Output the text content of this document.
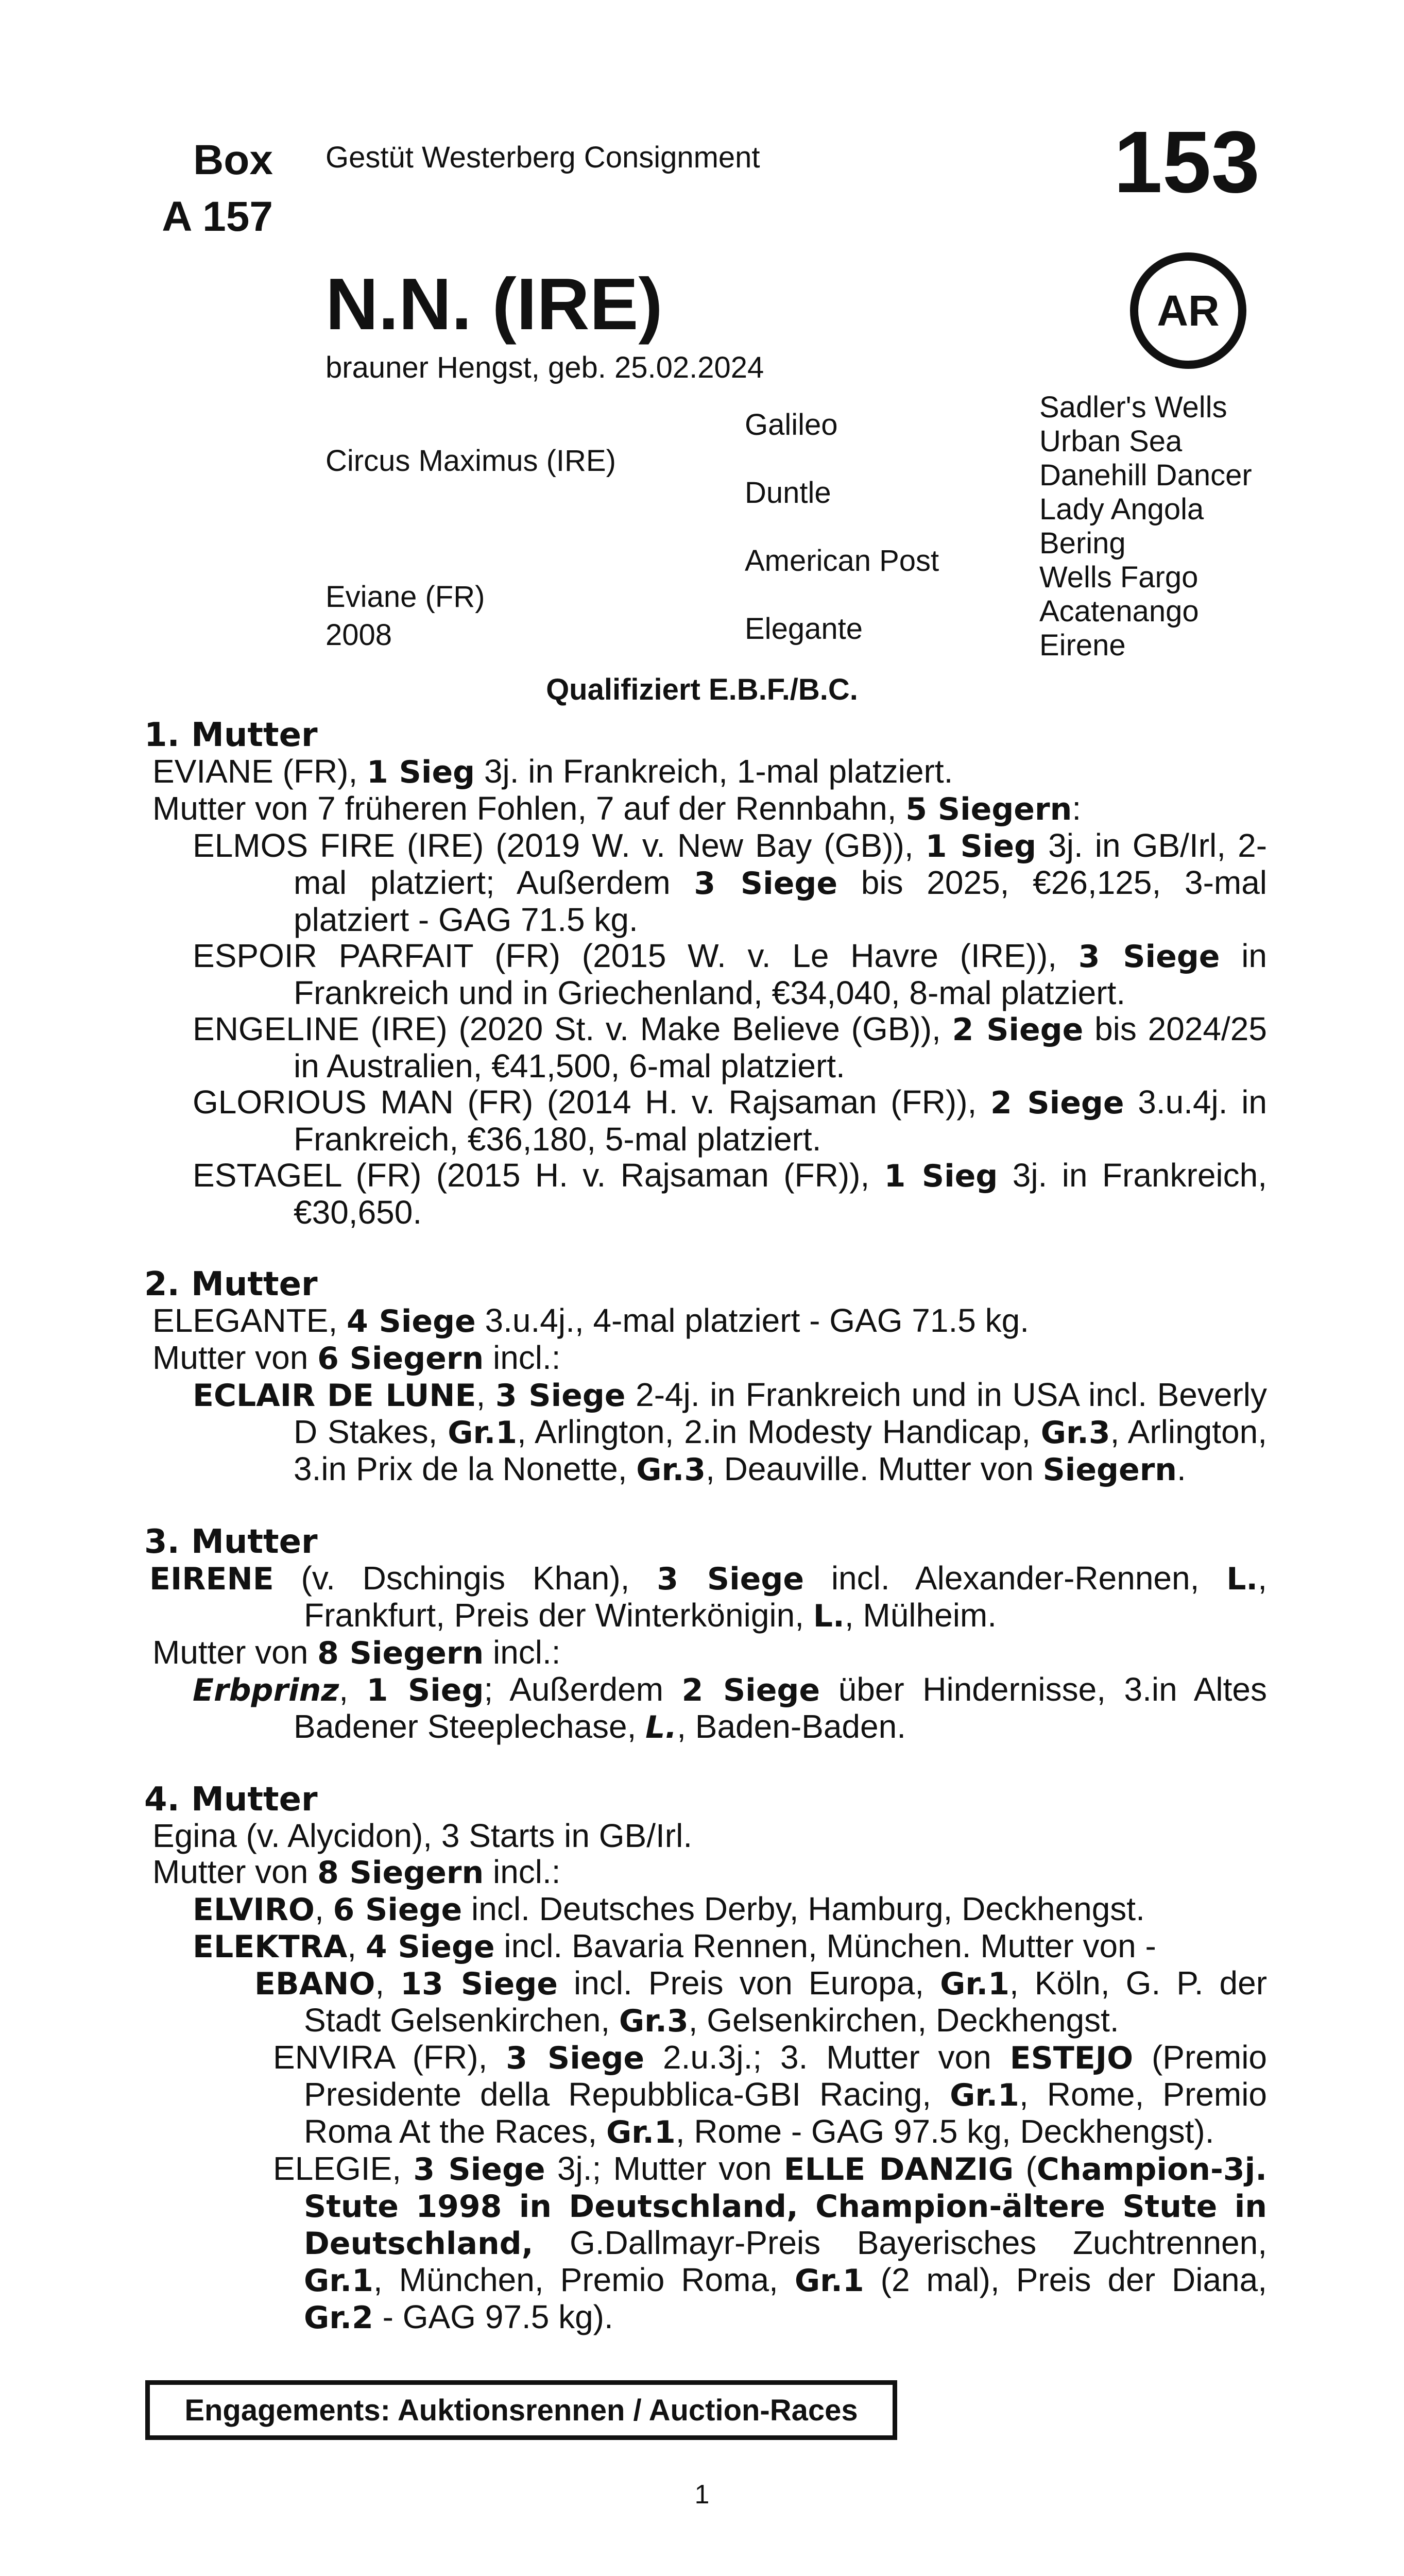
Box
A 157
Gestüt Westerberg Consignment	153
AR
N.N. (IRE)
brauner Hengst, geb. 25.02.2024
Circus Maximus (IRE)
Eviane (FR)
2008
Galileo
Duntle
American Post
Elegante
Sadler's Wells
Urban Sea
Danehill Dancer
Lady Angola
Bering
Wells Fargo
Acatenango
Eirene
Qualifiziert E.B.F./B.C.
1. Mutter

EVIANE (FR), 1 Sieg 3j. in Frankreich, 1-mal platziert.

Mutter von 7 früheren Fohlen, 7 auf der Rennbahn, 5 Siegern:

ELMOS FIRE (IRE) (2019 W. v. New Bay (GB)), 1 Sieg 3j. in GB/Irl, 2-mal platziert; Außerdem 3 Siege bis 2025, €26,125, 3-mal platziert - GAG 71.5 kg.

ESPOIR PARFAIT (FR) (2015 W. v. Le Havre (IRE)), 3 Siege in Frankreich und in Griechenland, €34,040, 8-mal platziert.

ENGELINE (IRE) (2020 St. v. Make Believe (GB)), 2 Siege bis 2024/25 in Australien, €41,500, 6-mal platziert.

GLORIOUS MAN (FR) (2014 H. v. Rajsaman (FR)), 2 Siege 3.u.4j. in Frankreich, €36,180, 5-mal platziert.

ESTAGEL (FR) (2015 H. v. Rajsaman (FR)), 1 Sieg 3j. in Frankreich, €30,650.

2. Mutter

ELEGANTE, 4 Siege 3.u.4j., 4-mal platziert - GAG 71.5 kg.

Mutter von 6 Siegern incl.:

ECLAIR DE LUNE, 3 Siege 2-4j. in Frankreich und in USA incl. Beverly D Stakes, Gr.1, Arlington, 2.in Modesty Handicap, Gr.3, Arlington, 3.in Prix de la Nonette, Gr.3, Deauville. Mutter von Siegern.

3. Mutter

EIRENE (v. Dschingis Khan), 3 Siege incl. Alexander-Rennen, L., Frankfurt, Preis der Winterkönigin, L., Mülheim.

Mutter von 8 Siegern incl.:

Erbprinz, 1 Sieg; Außerdem 2 Siege über Hindernisse, 3.in Altes Badener Steeplechase, L., Baden-Baden.

4. Mutter

Egina (v. Alycidon), 3 Starts in GB/Irl.

Mutter von 8 Siegern incl.:

ELVIRO, 6 Siege incl. Deutsches Derby, Hamburg, Deckhengst.

ELEKTRA, 4 Siege incl. Bavaria Rennen, München. Mutter von -

EBANO, 13 Siege incl. Preis von Europa, Gr.1, Köln, G. P. der Stadt Gelsenkirchen, Gr.3, Gelsenkirchen, Deckhengst.

ENVIRA (FR), 3 Siege 2.u.3j.; 3. Mutter von ESTEJO (Premio Presidente della Repubblica-GBI Racing, Gr.1, Rome, Premio Roma At the Races, Gr.1, Rome - GAG 97.5 kg, Deckhengst).

ELEGIE, 3 Siege 3j.; Mutter von ELLE DANZIG (Champion-3j. Stute 1998 in Deutschland, Champion-ältere Stute in Deutschland, G.Dallmayr-Preis Bayerisches Zuchtrennen, Gr.1, München, Premio Roma, Gr.1 (2 mal), Preis der Diana, Gr.2 - GAG 97.5 kg).

Engagements: Auktionsrennen / Auction-Races
1
